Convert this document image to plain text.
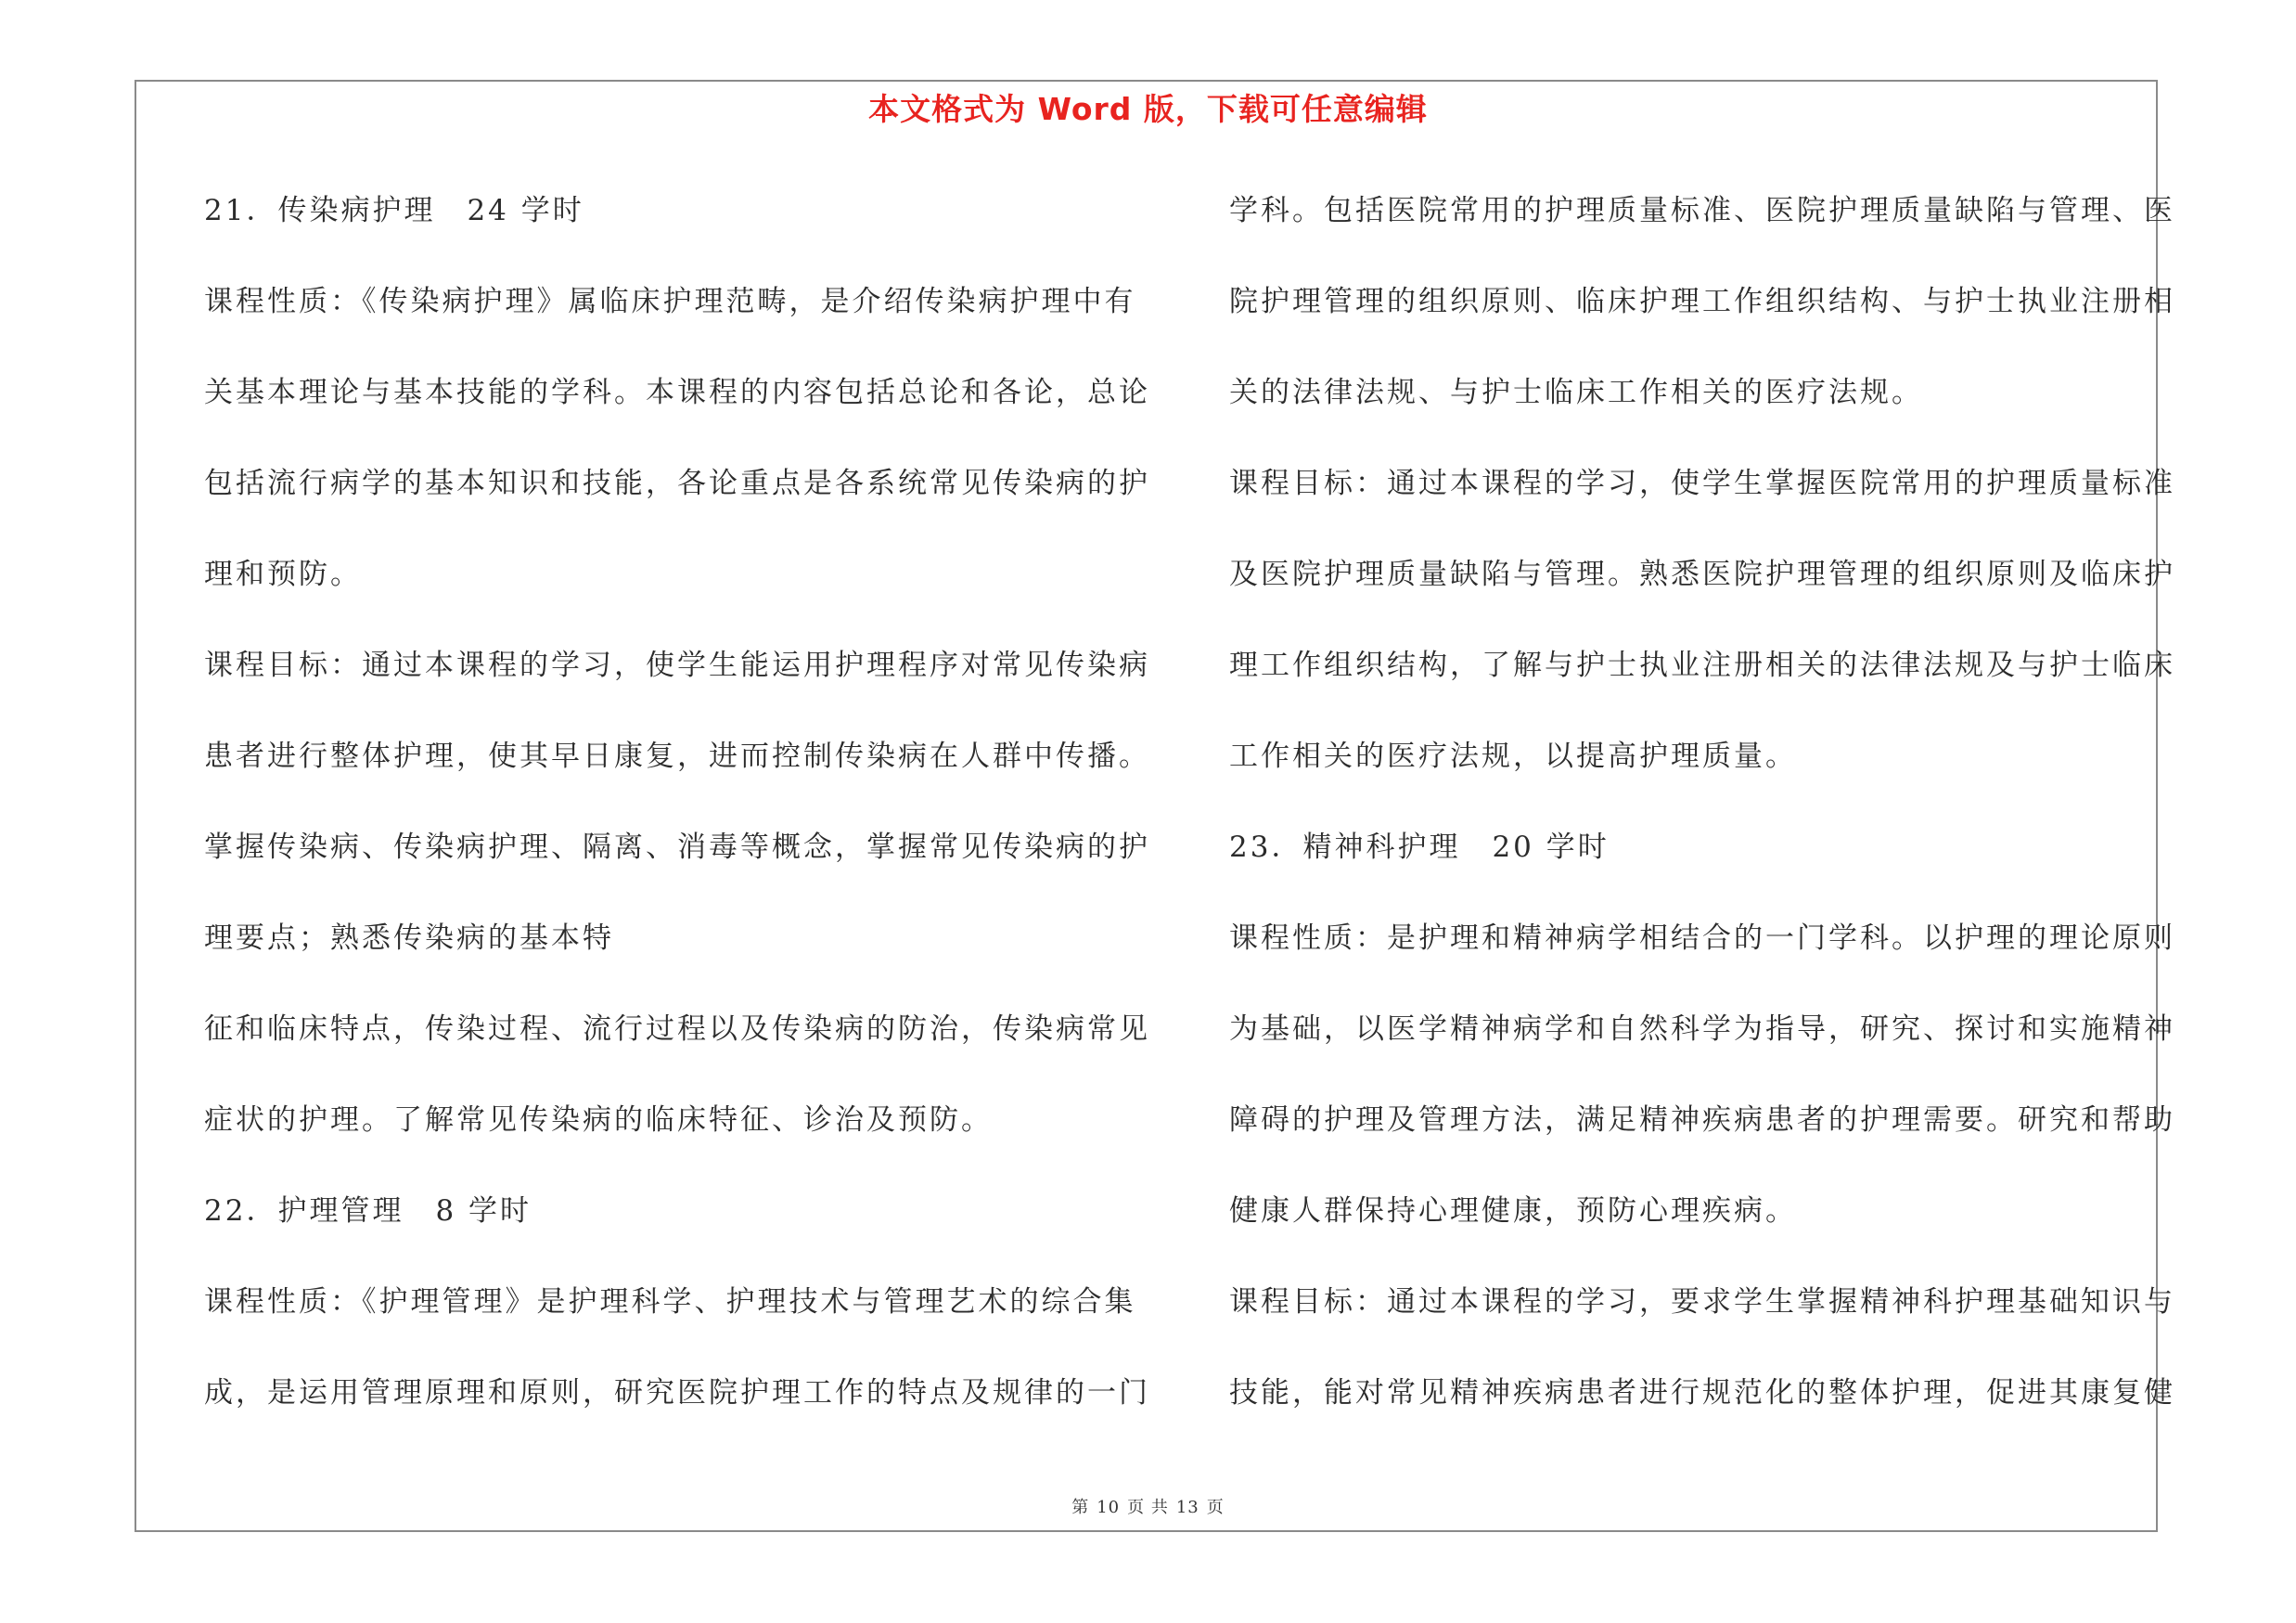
本文格式为 Word 版，下载可任意编辑
21．传染病护理　24 学时
课程性质：《传染病护理》属临床护理范畴，是介绍传染病护理中有
关基本理论与基本技能的学科。本课程的内容包括总论和各论，总论
包括流行病学的基本知识和技能，各论重点是各系统常见传染病的护
理和预防。
课程目标：通过本课程的学习，使学生能运用护理程序对常见传染病
患者进行整体护理，使其早日康复，进而控制传染病在人群中传播。
掌握传染病、传染病护理、隔离、消毒等概念，掌握常见传染病的护
理要点；熟悉传染病的基本特
征和临床特点，传染过程、流行过程以及传染病的防治，传染病常见
症状的护理。了解常见传染病的临床特征、诊治及预防。
22．护理管理　8 学时
课程性质：《护理管理》是护理科学、护理技术与管理艺术的综合集
成，是运用管理原理和原则，研究医院护理工作的特点及规律的一门
学科。包括医院常用的护理质量标准、医院护理质量缺陷与管理、医
院护理管理的组织原则、临床护理工作组织结构、与护士执业注册相
关的法律法规、与护士临床工作相关的医疗法规。
课程目标：通过本课程的学习，使学生掌握医院常用的护理质量标准
及医院护理质量缺陷与管理。熟悉医院护理管理的组织原则及临床护
理工作组织结构，了解与护士执业注册相关的法律法规及与护士临床
工作相关的医疗法规，以提高护理质量。
23．精神科护理　20 学时
课程性质：是护理和精神病学相结合的一门学科。以护理的理论原则
为基础，以医学精神病学和自然科学为指导，研究、探讨和实施精神
障碍的护理及管理方法，满足精神疾病患者的护理需要。研究和帮助
健康人群保持心理健康，预防心理疾病。
课程目标：通过本课程的学习，要求学生掌握精神科护理基础知识与
技能，能对常见精神疾病患者进行规范化的整体护理，促进其康复健
第 10 页 共 13 页
